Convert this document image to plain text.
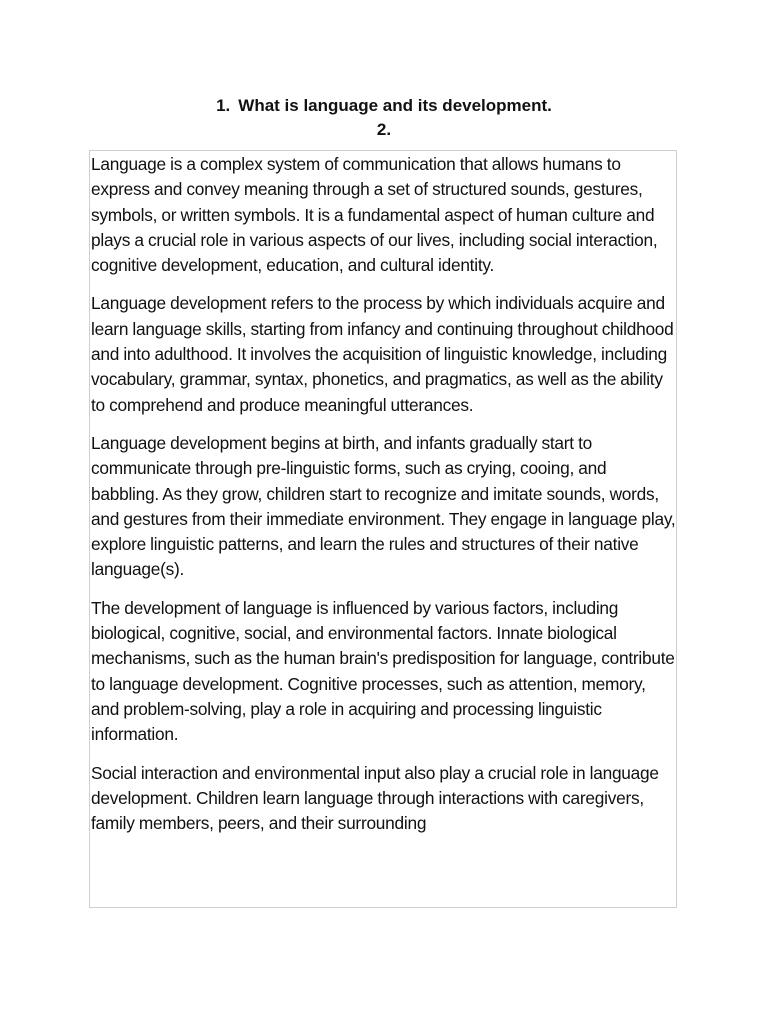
1. What is language and its development.
2.

Language is a complex system of communication that allows humans to express and convey meaning through a set of structured sounds, gestures, symbols, or written symbols. It is a fundamental aspect of human culture and plays a crucial role in various aspects of our lives, including social interaction, cognitive development, education, and cultural identity.

Language development refers to the process by which individuals acquire and learn language skills, starting from infancy and continuing throughout childhood and into adulthood. It involves the acquisition of linguistic knowledge, including vocabulary, grammar, syntax, phonetics, and pragmatics, as well as the ability to comprehend and produce meaningful utterances.

Language development begins at birth, and infants gradually start to communicate through pre-linguistic forms, such as crying, cooing, and babbling. As they grow, children start to recognize and imitate sounds, words, and gestures from their immediate environment. They engage in language play, explore linguistic patterns, and learn the rules and structures of their native language(s).

The development of language is influenced by various factors, including biological, cognitive, social, and environmental factors. Innate biological mechanisms, such as the human brain's predisposition for language, contribute to language development. Cognitive processes, such as attention, memory, and problem-solving, play a role in acquiring and processing linguistic information.

Social interaction and environmental input also play a crucial role in language development. Children learn language through interactions with caregivers, family members, peers, and their surrounding
